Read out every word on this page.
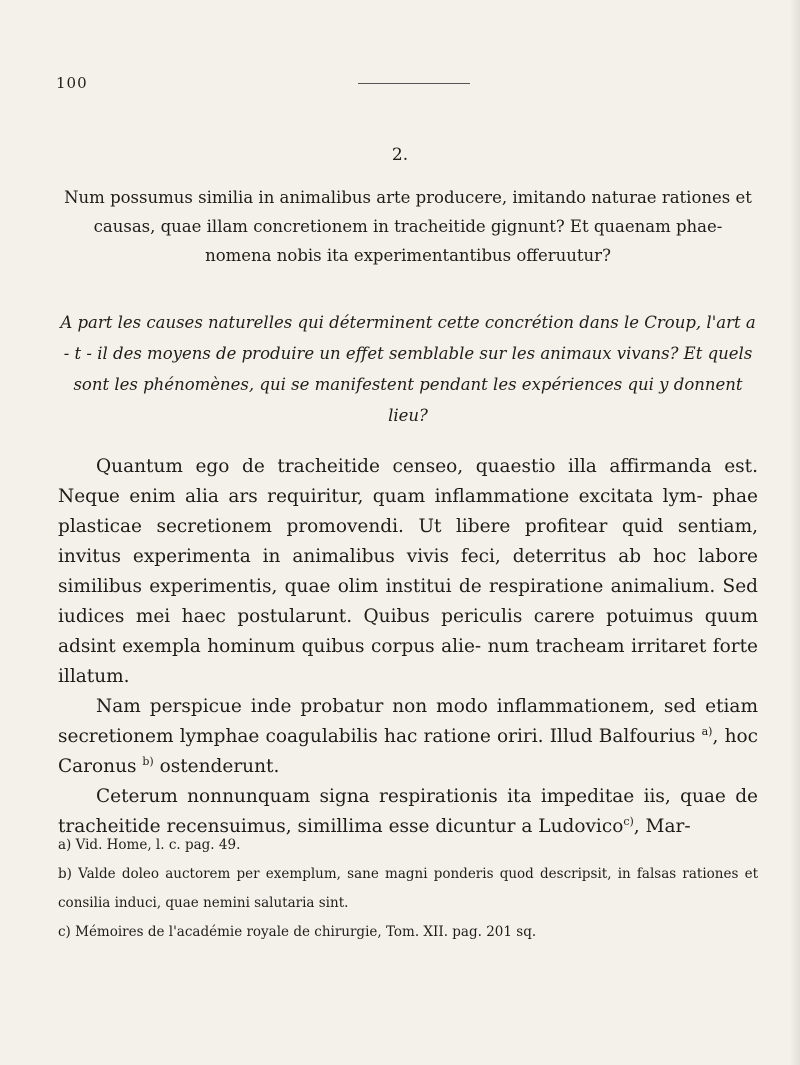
100
2.
Num possumus similia in animalibus arte producere, imitando naturae rationes et causas, quae illam concretionem in tracheitide gignunt? Et quaenam phae- nomena nobis ita experimentantibus offeruutur?
A part les causes naturelles qui déterminent cette concrétion dans le Croup, l'art a - t - il des moyens de produire un effet semblable sur les animaux vivans? Et quels sont les phénomènes, qui se manifestent pendant les expériences qui y donnent lieu?

Quantum ego de tracheitide censeo, quaestio illa affirmanda est. Neque enim alia ars requiritur, quam inflammatione excitata lym- phae plasticae secretionem promovendi. Ut libere profitear quid sentiam, invitus experimenta in animalibus vivis feci, deterritus ab hoc labore similibus experimentis, quae olim institui de respiratione animalium. Sed iudices mei haec postularunt. Quibus periculis carere potuimus quum adsint exempla hominum quibus corpus alie- num tracheam irritaret forte illatum.

Nam perspicue inde probatur non modo inflammationem, sed etiam secretionem lymphae coagulabilis hac ratione oriri. Illud Balfourius $^{a)}$, hoc Caronus $^{b)}$ ostenderunt.

Ceterum nonnunquam signa respirationis ita impeditae iis, quae de tracheitide recensuimus, simillima esse dicuntur a Ludovico$^{c)}$, Mar-

a) Vid. Home, l. c. pag. 49.

b) Valde doleo auctorem per exemplum, sane magni ponderis quod descripsit, in falsas rationes et consilia induci, quae nemini salutaria sint.

c) Mémoires de l'académie royale de chirurgie, Tom. XII. pag. 201 sq.
